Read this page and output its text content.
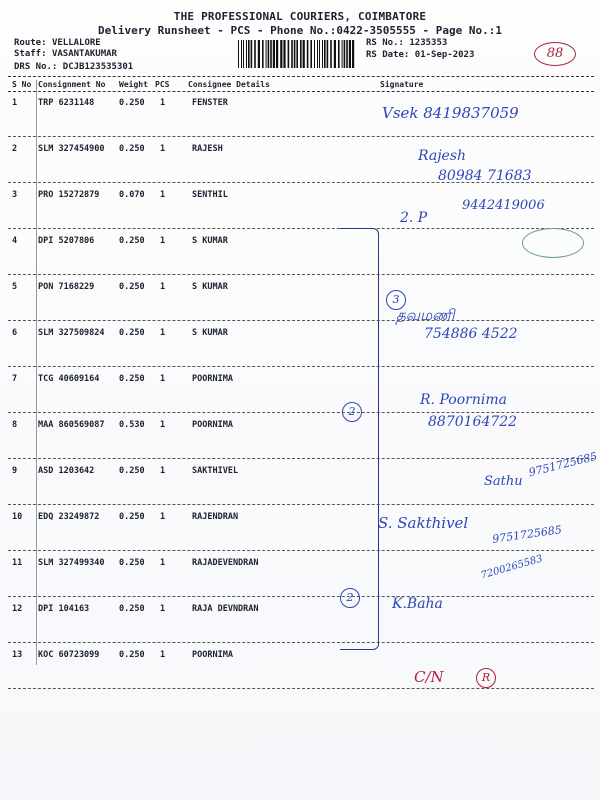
THE PROFESSIONAL COURIERS, COIMBATORE
Delivery Runsheet - PCS - Phone No.:0422-3505555 - Page No.:1
Route: VELLALORE
Staff: VASANTAKUMAR
DRS No.: DCJB123535301
RS No.: 1235353
RS Date: 01-Sep-2023	88
S No Consignment No Weight PCS Consignee Details	Signature
1 TRP 6231148	0.250 1	FENSTER
2 SLM 327454900 0.250 1	RAJESH
3 PRO 15272879 0.070 1	SENTHIL
4 DPI 5207806	0.250 1	S KUMAR
5 PON 7168229	0.250 1	S KUMAR
6 SLM 327509824 0.250 1	S KUMAR
7 TCG 40609164 0.250 1	POORNIMA
8 MAA 860569087 0.530 1	POORNIMA
9 ASD 1203642	0.250 1	SAKTHIVEL
10 EDQ 23249872 0.250 1	RAJENDRAN
11 SLM 327499340 0.250 1	RAJADEVENDRAN
12 DPI 104163	0.250 1	RAJA DEVNDRAN
13 KOC 60723099 0.250 1	POORNIMA
Vsek 8419837059
Rajesh
80984 71683
2. P
9442419006
3
தவமணி
754886 4522
2
R. Poornima
8870164722
Sathu
9751725685
S. Sakthivel
9751725685
2	K.Baha
7200265583
C/N	R
